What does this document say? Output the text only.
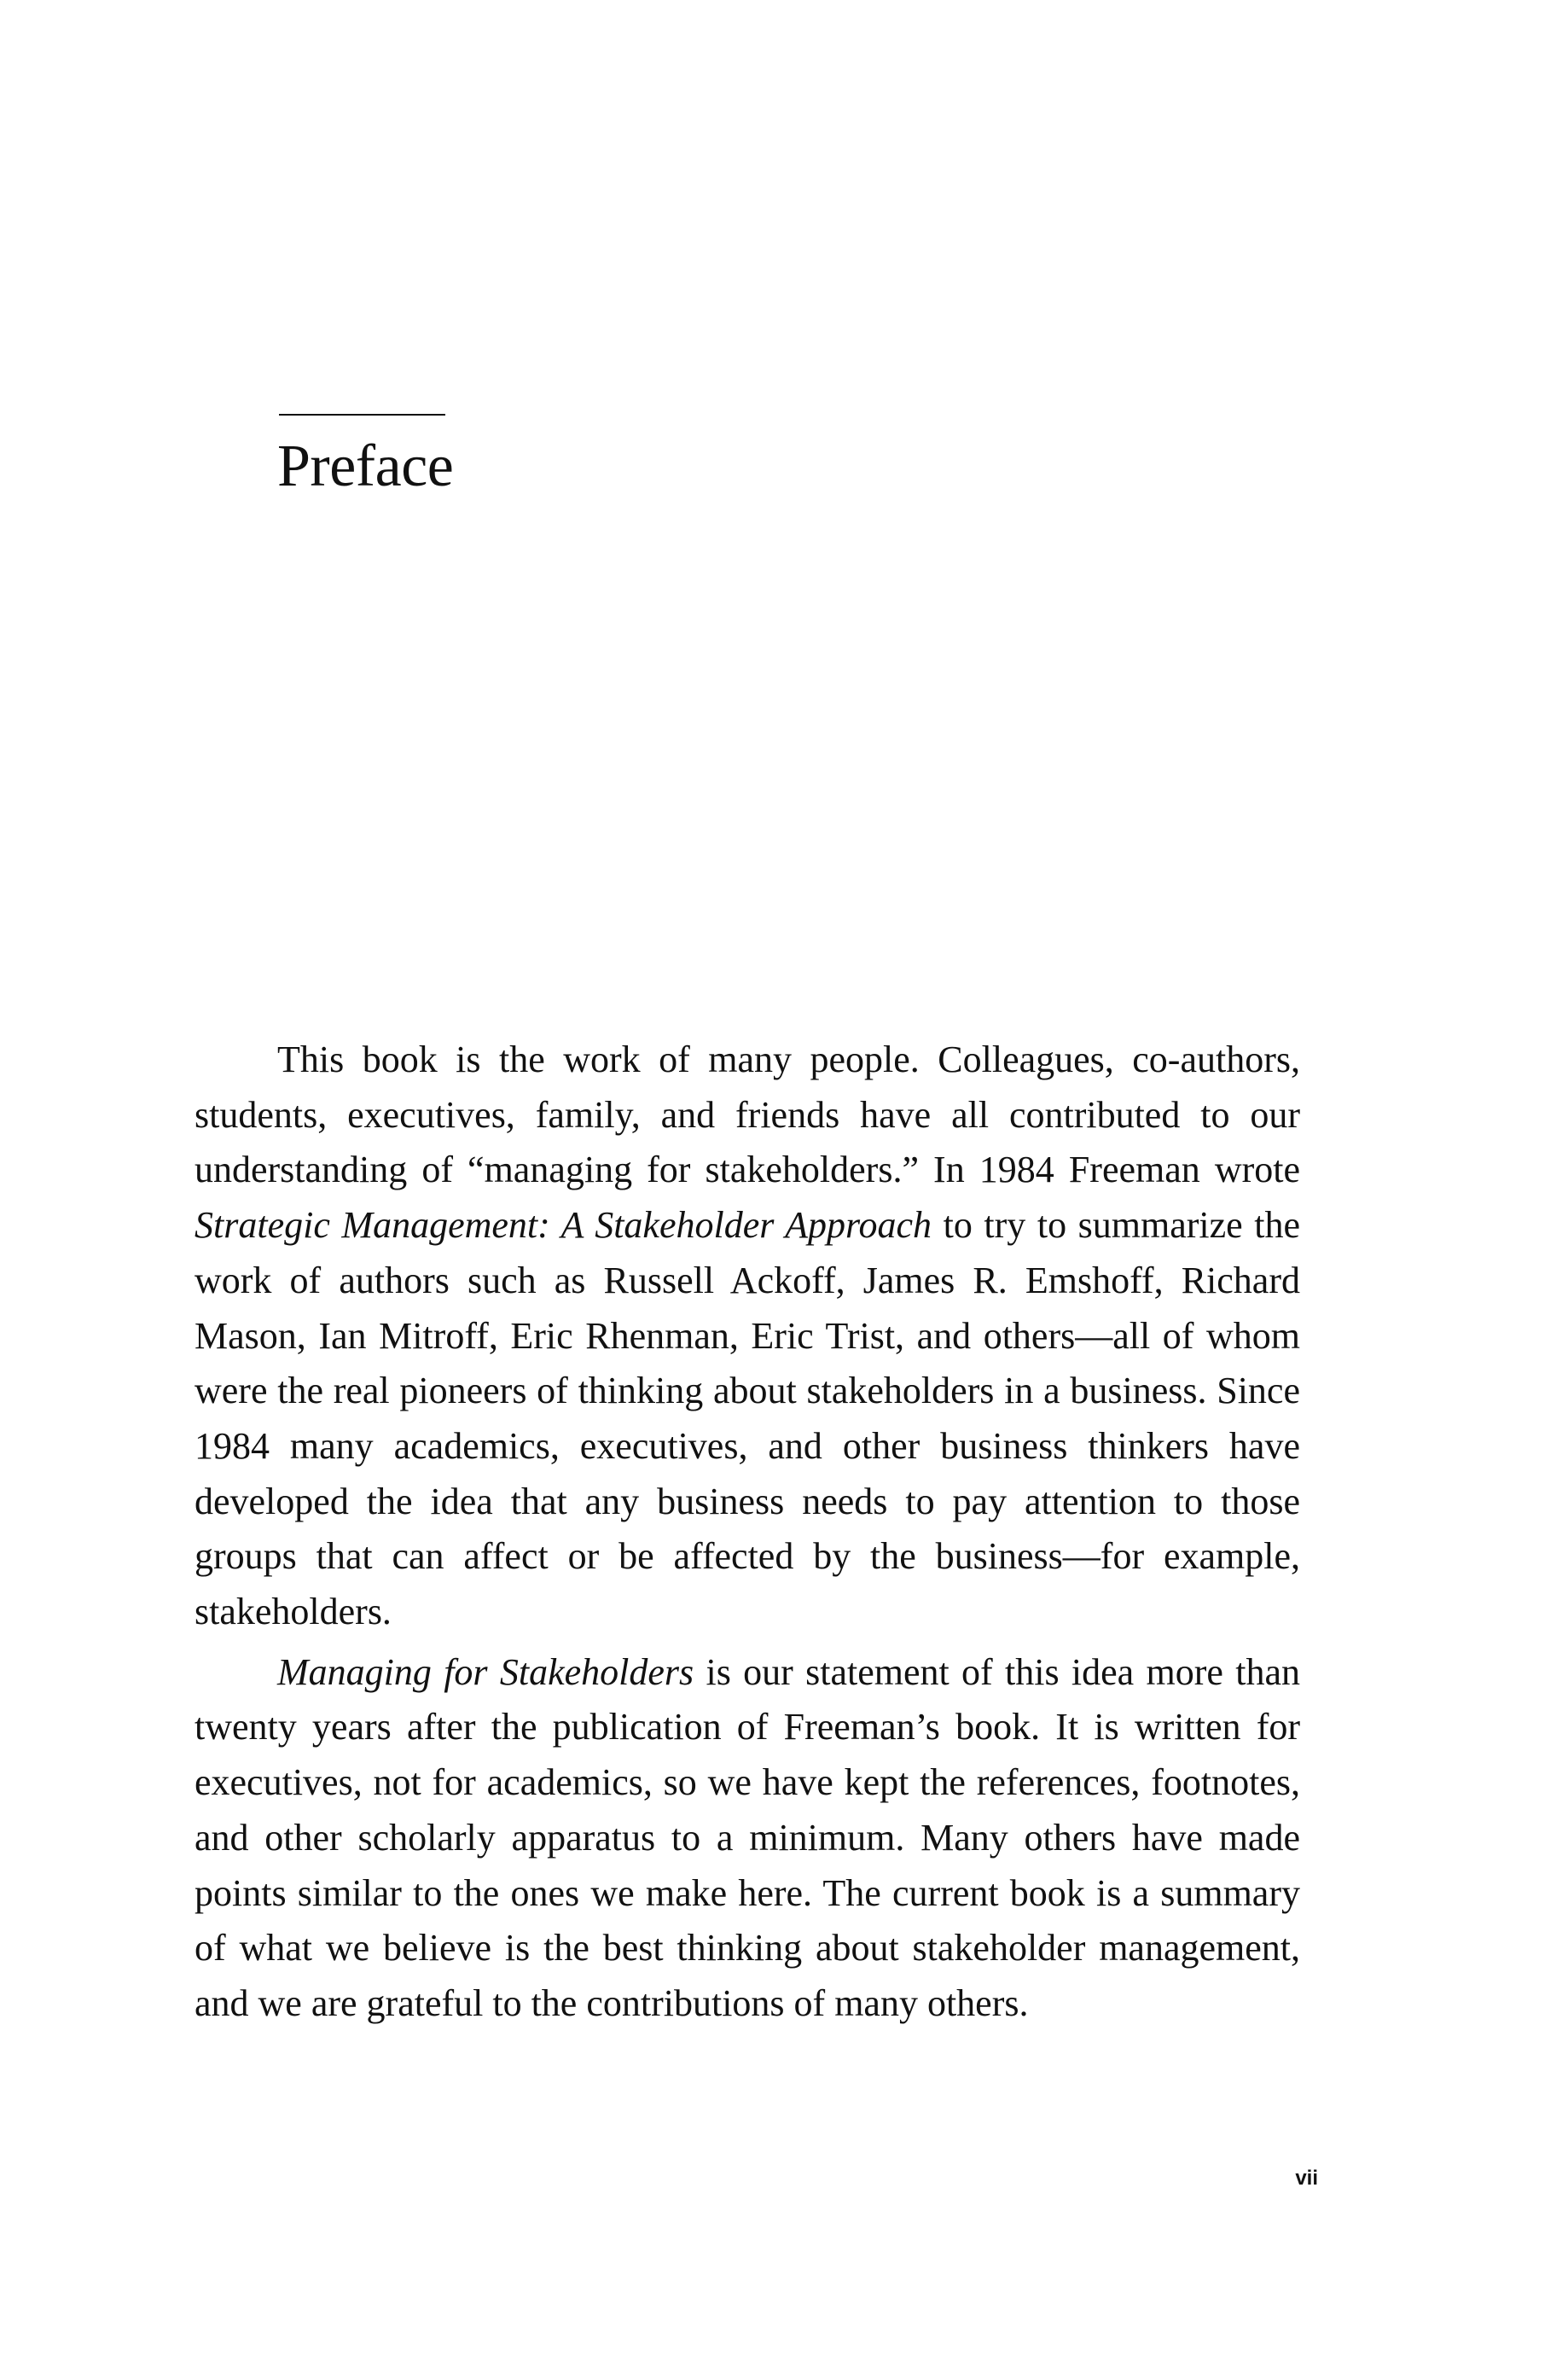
Preface

This book is the work of many people. Colleagues, co-authors, students, executives, family, and friends have all contributed to our understanding of “managing for stakeholders.” In 1984 Freeman wrote Strategic Management: A Stakeholder Approach to try to summarize the work of authors such as Russell Ackoff, James R. Emshoff, Richard Mason, Ian Mitroff, Eric Rhenman, Eric Trist, and others—all of whom were the real pioneers of thinking about stakeholders in a business. Since 1984 many academics, executives, and other business thinkers have developed the idea that any business needs to pay attention to those groups that can affect or be affected by the business—for example, stakeholders.

Managing for Stakeholders is our statement of this idea more than twenty years after the publication of Freeman’s book. It is written for executives, not for academics, so we have kept the references, footnotes, and other scholarly apparatus to a minimum. Many others have made points similar to the ones we make here. The current book is a summary of what we believe is the best thinking about stakeholder management, and we are grateful to the contributions of many others.

vii
